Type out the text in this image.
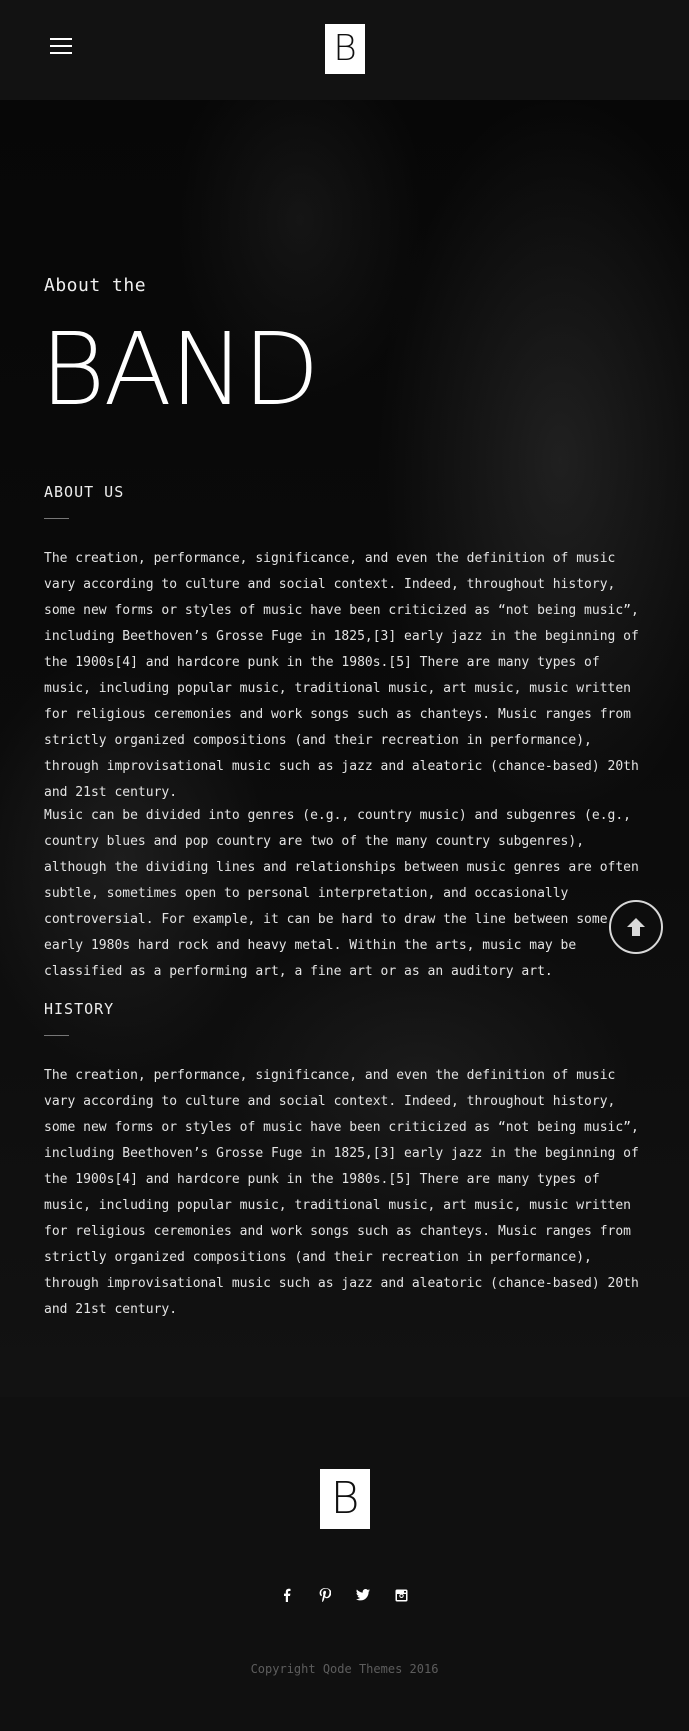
B
About the
BAND
ABOUT US

The creation, performance, significance, and even the definition of music vary according to culture and social context. Indeed, throughout history, some new forms or styles of music have been criticized as “not being music”, including Beethoven’s Grosse Fuge in 1825,[3] early jazz in the beginning of the 1900s[4] and hardcore punk in the 1980s.[5] There are many types of music, including popular music, traditional music, art music, music written for religious ceremonies and work songs such as chanteys. Music ranges from strictly organized compositions (and their recreation in performance), through improvisational music such as jazz and aleatoric (chance-based) 20th and 21st century.

Music can be divided into genres (e.g., country music) and subgenres (e.g., country blues and pop country are two of the many country subgenres), although the dividing lines and relationships between music genres are often subtle, sometimes open to personal interpretation, and occasionally controversial. For example, it can be hard to draw the line between some early 1980s hard rock and heavy metal. Within the arts, music may be classified as a performing art, a fine art or as an auditory art.

HISTORY

The creation, performance, significance, and even the definition of music vary according to culture and social context. Indeed, throughout history, some new forms or styles of music have been criticized as “not being music”, including Beethoven’s Grosse Fuge in 1825,[3] early jazz in the beginning of the 1900s[4] and hardcore punk in the 1980s.[5] There are many types of music, including popular music, traditional music, art music, music written for religious ceremonies and work songs such as chanteys. Music ranges from strictly organized compositions (and their recreation in performance), through improvisational music such as jazz and aleatoric (chance-based) 20th and 21st century.

B
Copyright Qode Themes 2016
